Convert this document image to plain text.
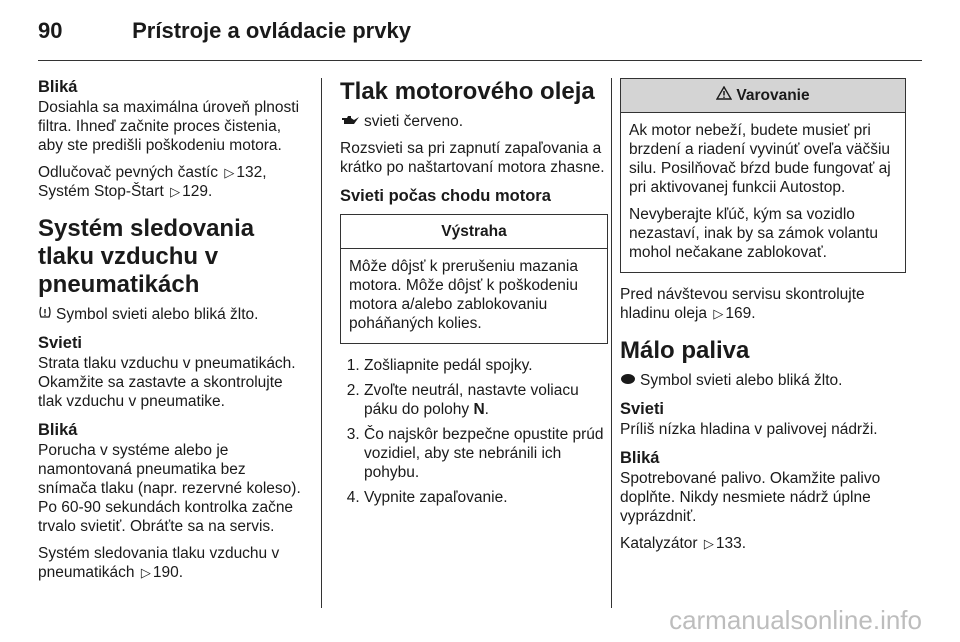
90	Prístroje a ovládacie prvky
Bliká

Dosiahla sa maximálna úroveň plnosti filtra. Ihneď začnite proces čistenia, aby ste predišli poškodeniu motora.

Odlučovač pevných častíc ▷ 132, Systém Stop-Štart ▷ 129.

Systém sledovania tlaku vzduchu v pneumatikách

Symbol svieti alebo bliká žlto.

Svieti

Strata tlaku vzduchu v pneumatikách. Okamžite sa zastavte a skontrolujte tlak vzduchu v pneumatike.

Bliká

Porucha v systéme alebo je namontovaná pneumatika bez snímača tlaku (napr. rezervné koleso). Po 60-90 sekundách kontrolka začne trvalo svietiť. Obráťte sa na servis.

Systém sledovania tlaku vzduchu v pneumatikách ▷ 190.

Tlak motorového oleja

svieti červeno.

Rozsvieti sa pri zapnutí zapaľovania a krátko po naštartovaní motora zhasne.

Svieti počas chodu motora
Výstraha

Môže dôjsť k prerušeniu mazania motora. Môže dôjsť k poškodeniu motora a/alebo zablokovaniu poháňaných kolies.

1. Zošliapnite pedál spojky.
2. Zvoľte neutrál, nastavte voliacu páku do polohy N.
3. Čo najskôr bezpečne opustite prúd vozidiel, aby ste nebránili ich pohybu.
4. Vypnite zapaľovanie.
Varovanie

Ak motor nebeží, budete musieť pri brzdení a riadení vyvinúť oveľa väčšiu silu. Posilňovač bŕzd bude fungovať aj pri aktivovanej funkcii Autostop.

Nevyberajte kľúč, kým sa vozidlo nezastaví, inak by sa zámok volantu mohol nečakane zablokovať.

Pred návštevou servisu skontrolujte hladinu oleja ▷ 169.

Málo paliva

Symbol svieti alebo bliká žlto.

Svieti

Príliš nízka hladina v palivovej nádrži.

Bliká

Spotrebované palivo. Okamžite palivo doplňte. Nikdy nesmiete nádrž úplne vyprázdniť.

Katalyzátor ▷ 133.

carmanualsonline.info
